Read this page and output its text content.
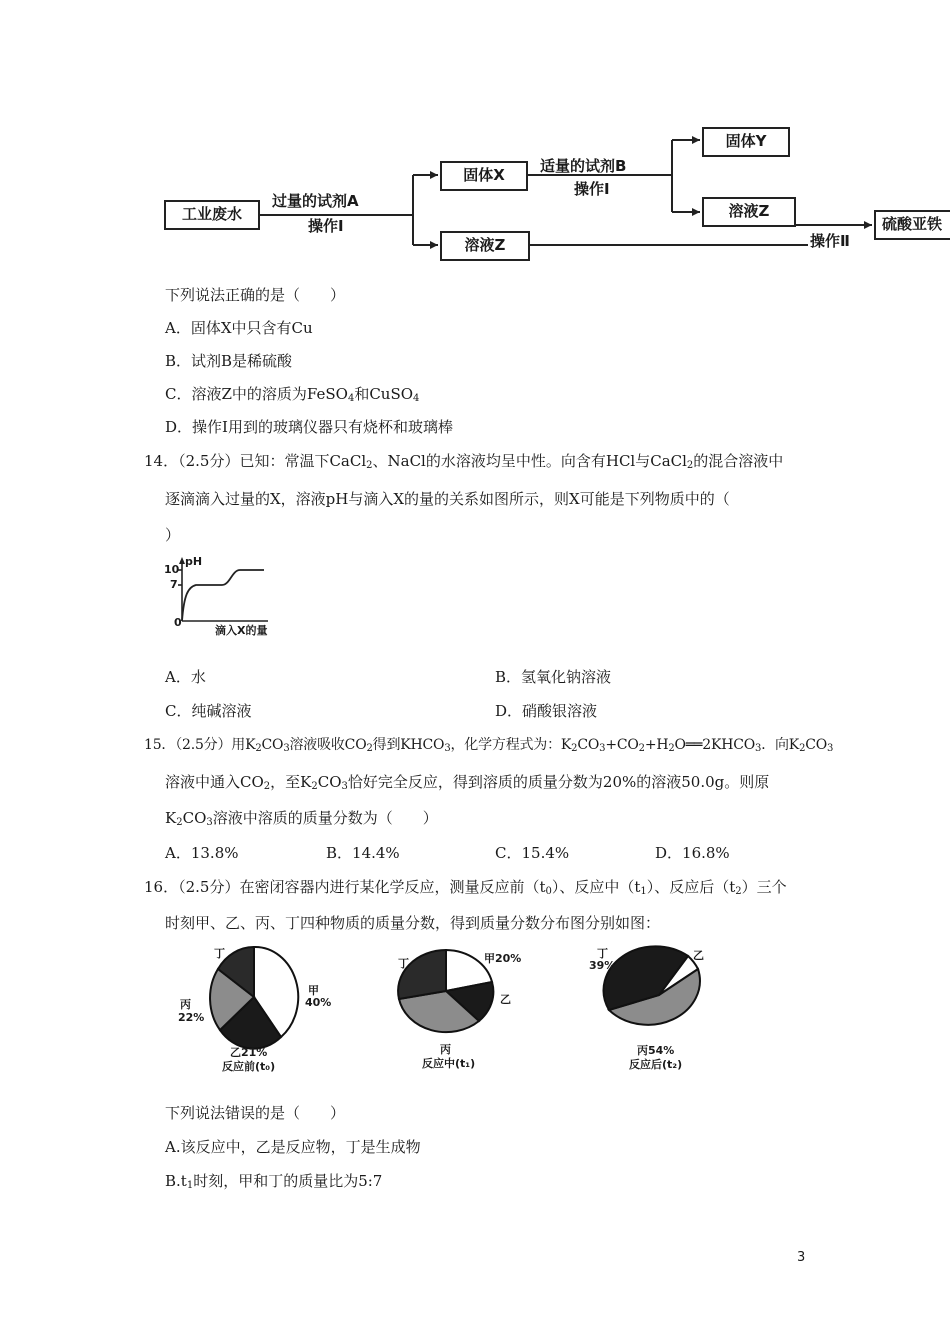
工业废水
过量的试剂A
操作Ⅰ
固体X
溶液Z
适量的试剂B
操作Ⅰ
固体Y
溶液Z
操作Ⅱ
硫酸亚铁
下列说法正确的是（　　）
A．固体X中只含有Cu
B．试剂B是稀硫酸
C．溶液Z中的溶质为FeSO$_4$和CuSO$_4$
D．操作I用到的玻璃仪器只有烧杯和玻璃棒
14．（2.5分）已知：常温下CaCl$_2$、NaCl的水溶液均呈中性。向含有HCl与CaCl$_2$的混合溶液中
逐滴滴入过量的X，溶液pH与滴入X的量的关系如图所示，则X可能是下列物质中的（
）
pH
10
7
0
滴入X的量
A．水	B．氢氧化钠溶液
C．纯碱溶液	D．硝酸银溶液
15．（2.5分）用$K_2CO_3$溶液吸收$CO_2$得到$KHCO_3$，化学方程式为：$K_2CO_3+CO_2+H_2O══2KHCO_3$．向$K_2CO_3$
溶液中通入$CO_2$，至$K_2CO_3$恰好完全反应，得到溶质的质量分数为20%的溶液50.0g。则原
$K_2CO_3$溶液中溶质的质量分数为（　　）
A．13.8%	B．14.4%	C．15.4%	D．16.8%
16．（2.5分）在密闭容器内进行某化学反应，测量反应前$(t_0)$、反应中$(t_1)$、反应后$(t_2)$三个
时刻甲、乙、丙、丁四种物质的质量分数，得到质量分数分布图分别如图：
丁
甲
40%
丙
22%
乙21%
反应前(t₀)
丁	甲20%
乙
丙
反应中(t₁)
丁
39%
乙
丙54%
反应后(t₂)
下列说法错误的是（　　）
A.该反应中，乙是反应物，丁是生成物
$B.t_1$时刻，甲和丁的质量比为5:7
3
